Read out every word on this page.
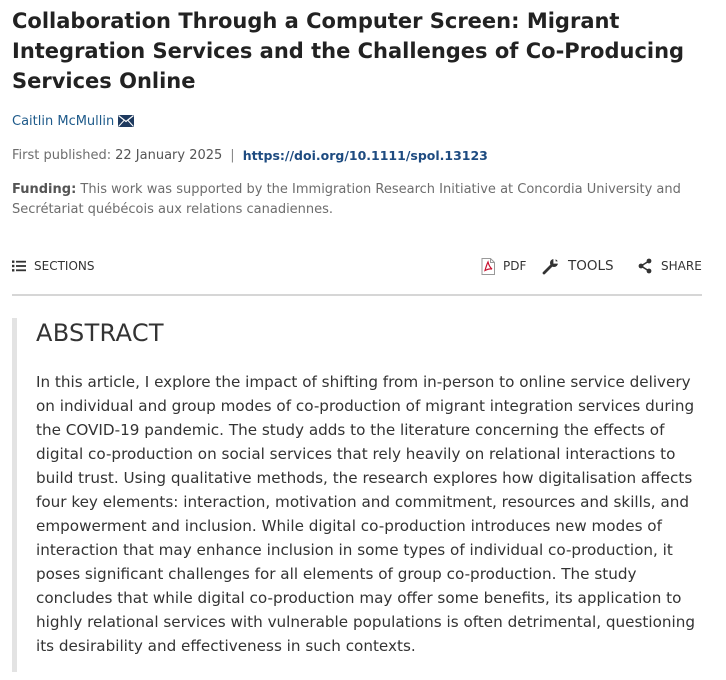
Collaboration Through a Computer Screen: Migrant Integration Services and the Challenges of Co-Producing Services Online
Caitlin McMullin
First published: 22 January 2025 | https://doi.org/10.1111/spol.13123

Funding: This work was supported by the Immigration Research Initiative at Concordia University and Secrétariat québécois aux relations canadiennes.

SECTIONS	PDF	TOOLS	SHARE
ABSTRACT

In this article, I explore the impact of shifting from in-person to online service delivery on individual and group modes of co-production of migrant integration services during the COVID-19 pandemic. The study adds to the literature concerning the effects of digital co-production on social services that rely heavily on relational interactions to build trust. Using qualitative methods, the research explores how digitalisation affects four key elements: interaction, motivation and commitment, resources and skills, and empowerment and inclusion. While digital co-production introduces new modes of interaction that may enhance inclusion in some types of individual co-production, it poses significant challenges for all elements of group co-production. The study concludes that while digital co-production may offer some benefits, its application to highly relational services with vulnerable populations is often detrimental, questioning its desirability and effectiveness in such contexts.
